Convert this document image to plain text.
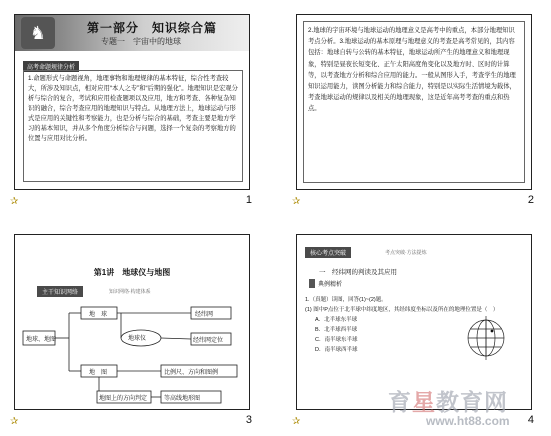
♞	第一部分　知识综合篇
专题一　宇宙中的地球
高考命题规律分析
1.命题形式与命题视角，地理事物和地理规律的基本特征，综合性考查较大，所涉及知识点，相对应用“本人之专”和“后期的强化”。地理知识是宏观分析与综合的复合，考试和应用检查题项以及应用，地方和考查、各种复杂知识的融合，综合考查应用的地理知识与特点。从地理方法上，地球运动与形式是应用的关键性和考察能力，也是分析与综合的基础，考查主要是地方学习的基本知识，并从多个角度分析综合与问题，选择一个复杂的考察地方的位置与应用对比分析。
✰	1
2.地球的宇宙环境与地球运动的地理意义是高考中的重点，本部分地理知识考点分析。3.地球运动的基本原理与地理意义的考查是高考常见的，其内容包括：地球自转与公转的基本特征，地球运动所产生的地理意义和地理现象，特别是昼夜长短变化、正午太阳高度角变化以及地方时、区时的计算等，以考查地方分析和综合应用的能力。一般从图形入手，考查学生的地理知识运用能力，读图分析能力和综合能力，特别是以实际生活情境为载体，考查地球运动的规律以及相关的地理现象，这是近年高考考查的重点和热点。
✰	2
第1讲　地球仪与地图
主干知识网络	知识网络·构建体系
地球、地图
地　球	经纬网
地球仪	经纬网定位
地　图	比例尺、方向和图例
地图上的方向判定	等高线地形图
✰	3
核心考点突破	考点突破·方法提炼
一　经纬网的判读及其应用
典例精析
1.（真题）读图，回答(1)~(2)题。
(1) 图中P点位于北半球中纬度地区，其经纬度坐标以及所在的地理位置是（　）
A．北半球东半球
B．北半球西半球
C．南半球东半球
D．南半球西半球
✰	4
育星教育网
www.ht88.com
